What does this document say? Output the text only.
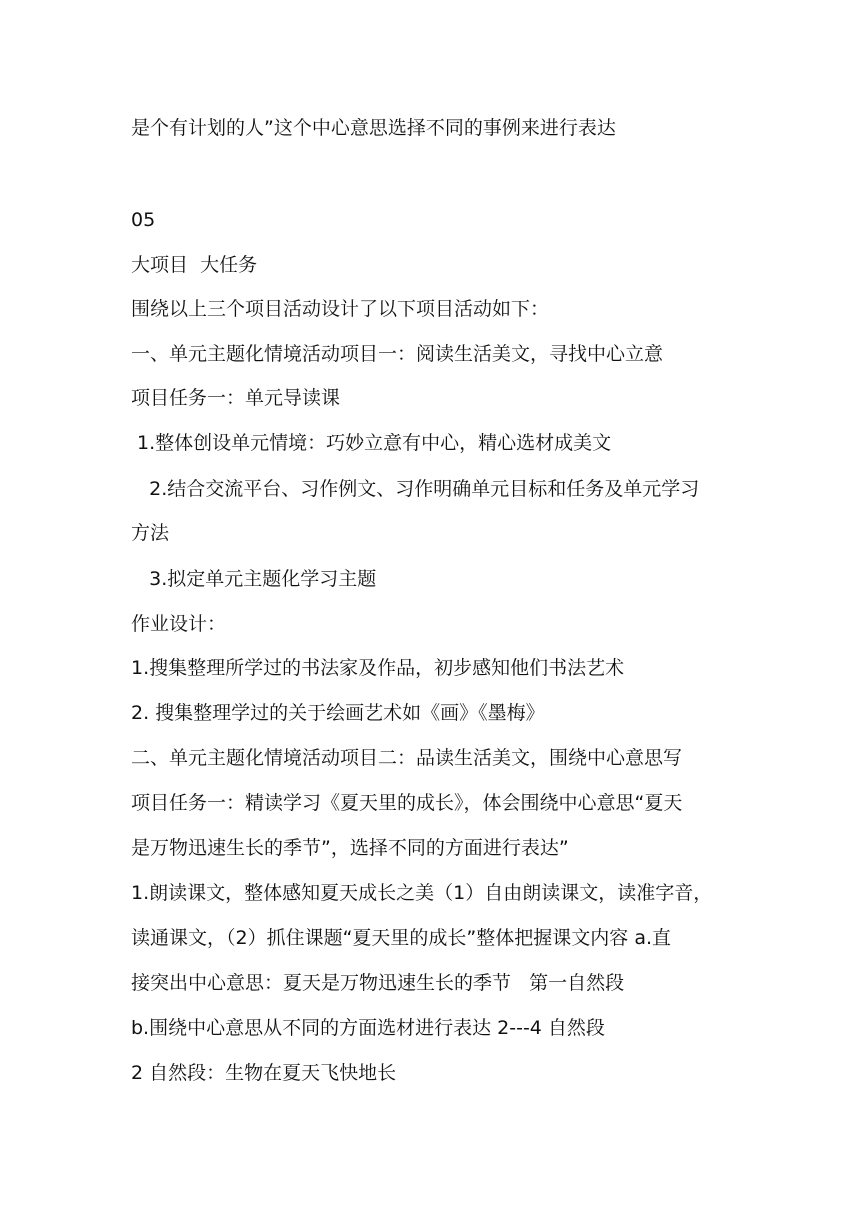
是个有计划的人”这个中心意思选择不同的事例来进行表达
05
大项目  大任务
围绕以上三个项目活动设计了以下项目活动如下：
一、单元主题化情境活动项目一：阅读生活美文，寻找中心立意
项目任务一：单元导读课
1.整体创设单元情境：巧妙立意有中心，精心选材成美文
2.结合交流平台、习作例文、习作明确单元目标和任务及单元学习
方法
3.拟定单元主题化学习主题
作业设计：
1.搜集整理所学过的书法家及作品，初步感知他们书法艺术
2. 搜集整理学过的关于绘画艺术如《画》《墨梅》
二、单元主题化情境活动项目二：品读生活美文，围绕中心意思写
项目任务一：精读学习《夏天里的成长》，体会围绕中心意思“夏天
是万物迅速生长的季节”，选择不同的方面进行表达”
1.朗读课文，整体感知夏天成长之美（1）自由朗读课文，读准字音，
读通课文，（2）抓住课题“夏天里的成长”整体把握课文内容 a.直
接突出中心意思：夏天是万物迅速生长的季节   第一自然段
b.围绕中心意思从不同的方面选材进行表达 2---4 自然段
2 自然段：生物在夏天飞快地长
